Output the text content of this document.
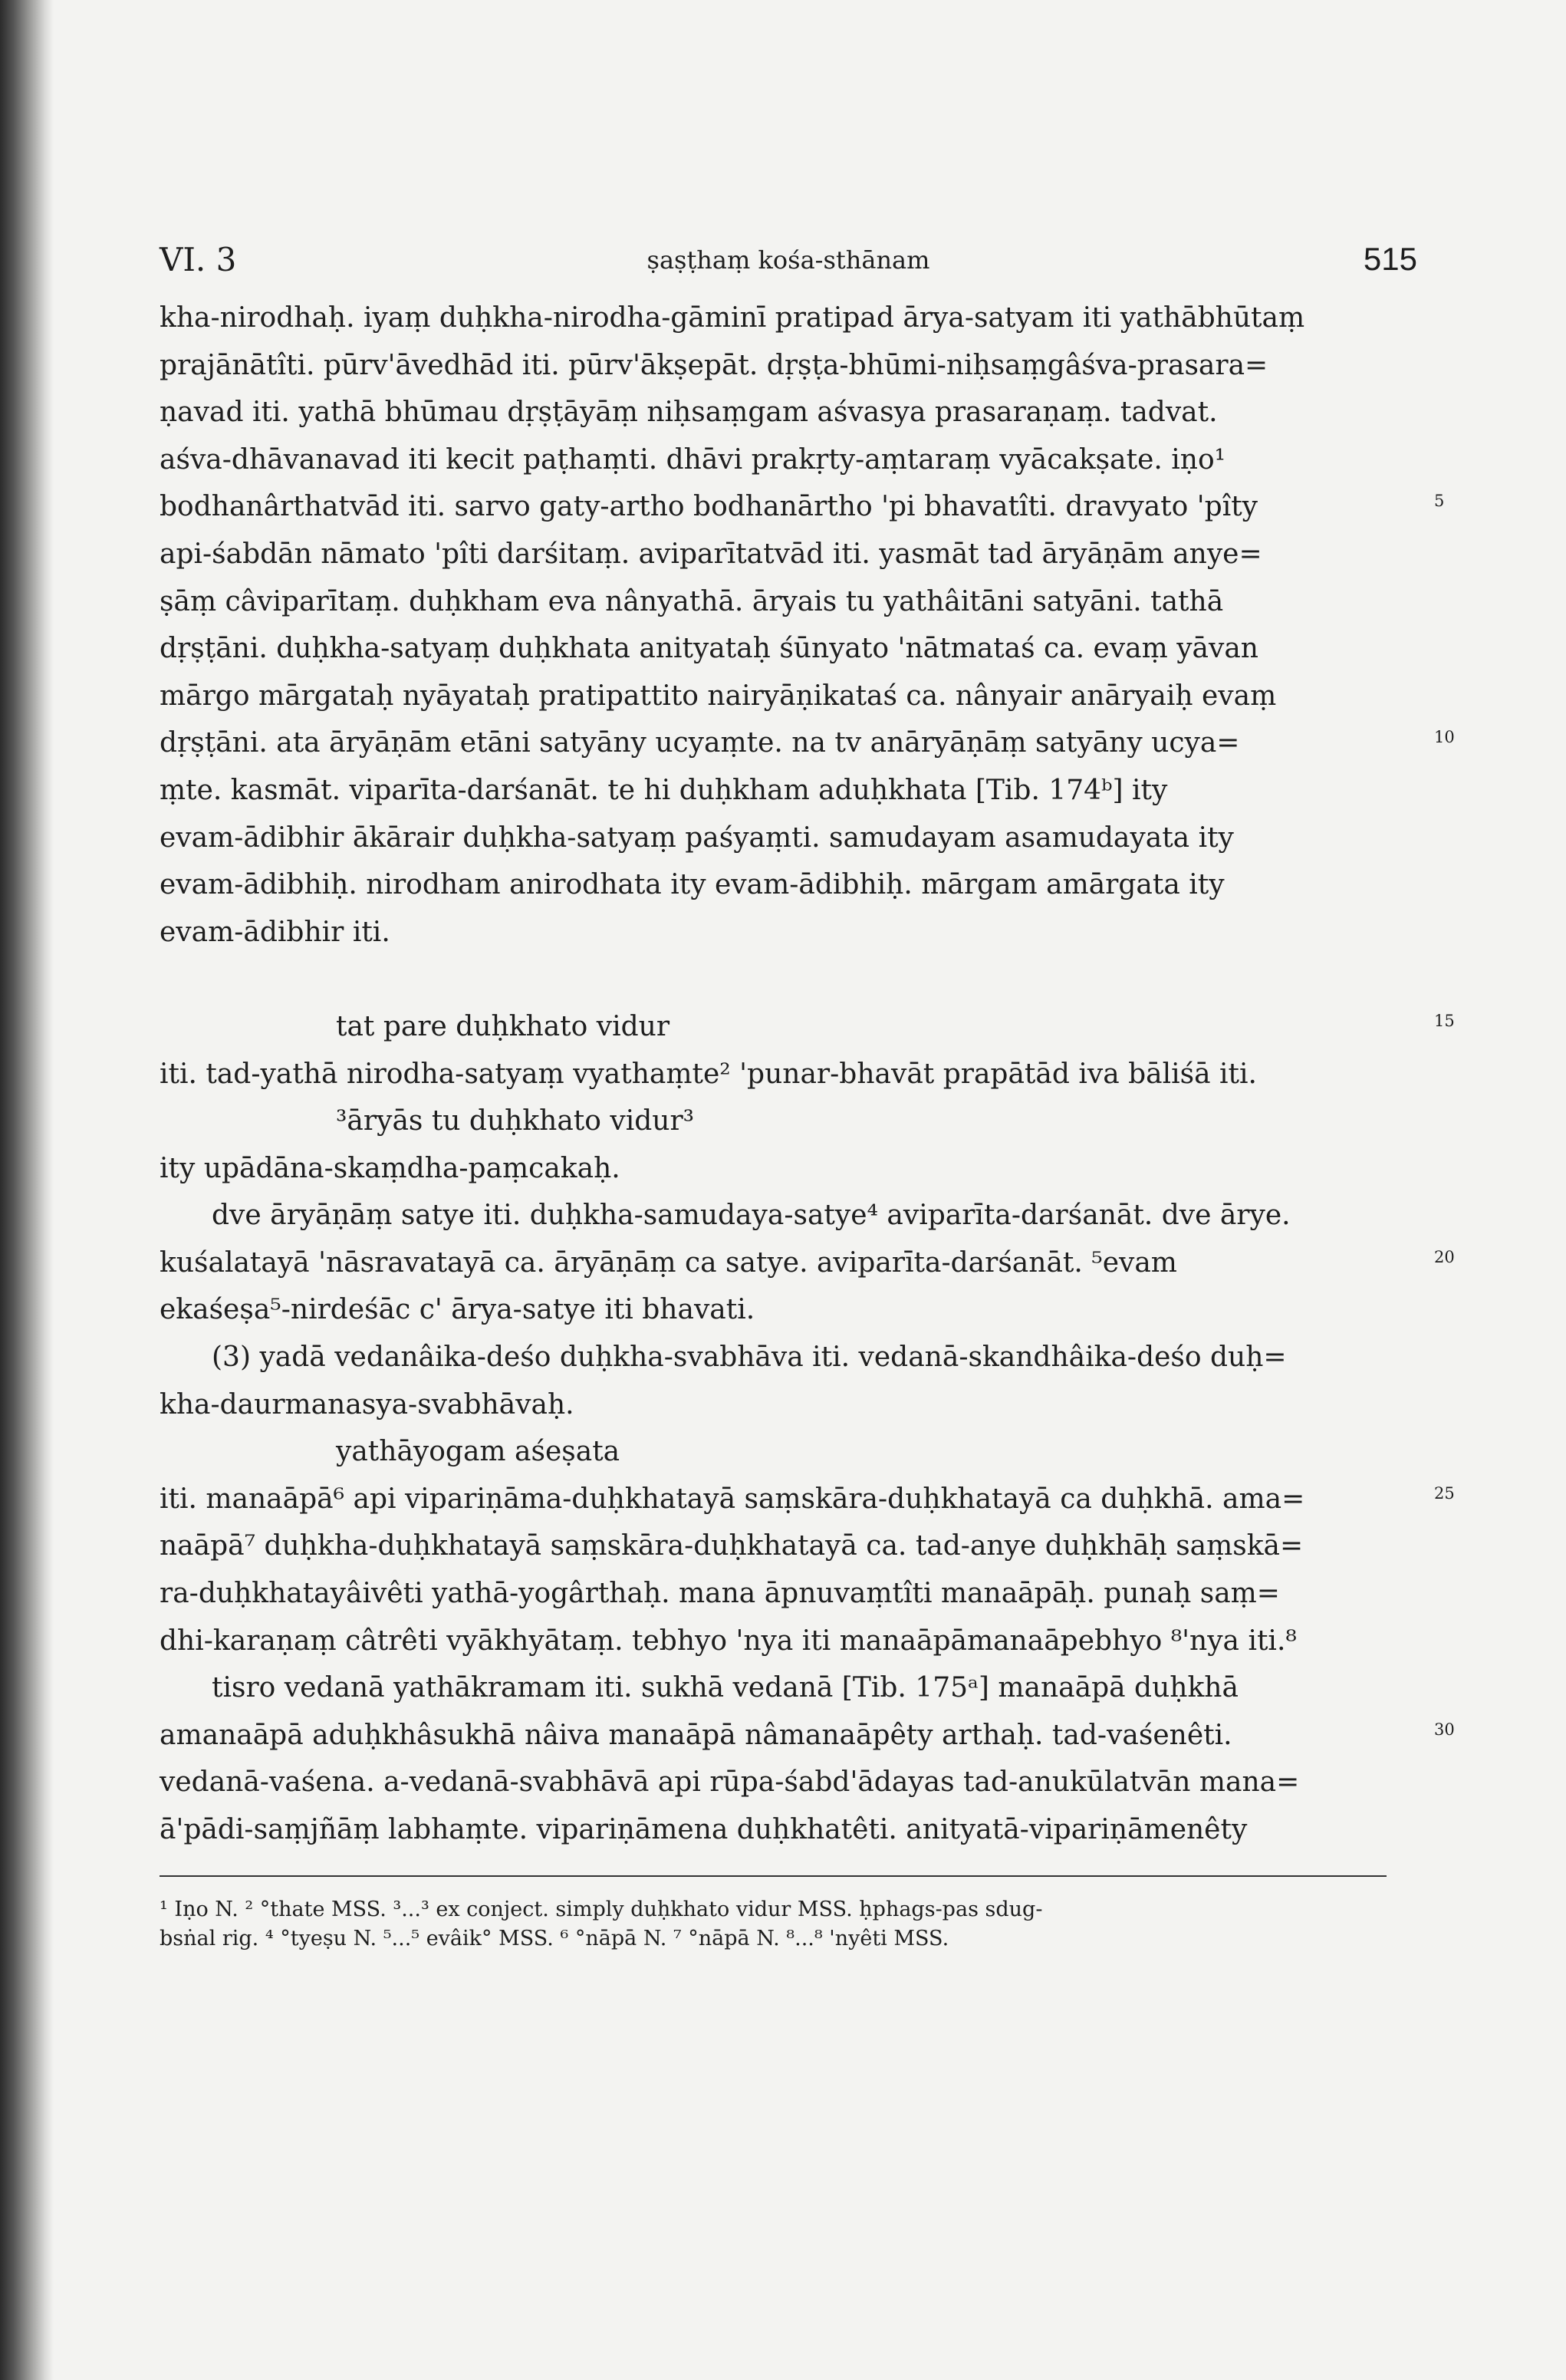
VI. 3	ṣaṣṭhaṃ kośa-sthānam	515
kha-nirodhaḥ. iyaṃ duḥkha-nirodha-gāminī pratipad ārya-satyam iti yathābhūtaṃ
prajānātîti. pūrv'āvedhād iti. pūrv'ākṣepāt. dṛṣṭa-bhūmi-niḥsaṃgâśva-prasara=
ṇavad iti. yathā bhūmau dṛṣṭāyāṃ niḥsaṃgam aśvasya prasaraṇaṃ. tadvat.
aśva-dhāvanavad iti kecit paṭhaṃti. dhāvi prakṛty-aṃtaraṃ vyācakṣate. iṇo¹
bodhanârthatvād iti. sarvo gaty-artho bodhanārtho 'pi bhavatîti. dravyato 'pîty	5
api-śabdān nāmato 'pîti darśitaṃ. aviparītatvād iti. yasmāt tad āryāṇām anye=
ṣāṃ câviparītaṃ. duḥkham eva nânyathā. āryais tu yathâitāni satyāni. tathā
dṛṣṭāni. duḥkha-satyaṃ duḥkhata anityataḥ śūnyato 'nātmataś ca. evaṃ yāvan
mārgo mārgataḥ nyāyataḥ pratipattito nairyāṇikataś ca. nânyair anāryaiḥ evaṃ
dṛṣṭāni. ata āryāṇām etāni satyāny ucyaṃte. na tv anāryāṇāṃ satyāny ucya=	10
ṃte. kasmāt. viparīta-darśanāt. te hi duḥkham aduḥkhata [Tib. 174ᵇ] ity
evam-ādibhir ākārair duḥkha-satyaṃ paśyaṃti. samudayam asamudayata ity
evam-ādibhiḥ. nirodham anirodhata ity evam-ādibhiḥ. mārgam amārgata ity
evam-ādibhir iti.
tat pare duḥkhato vidur	15
iti. tad-yathā nirodha-satyaṃ vyathaṃte² 'punar-bhavāt prapātād iva bāliśā iti.
³āryās tu duḥkhato vidur³
ity upādāna-skaṃdha-paṃcakaḥ.
dve āryāṇāṃ satye iti. duḥkha-samudaya-satye⁴ aviparīta-darśanāt. dve ārye.
kuśalatayā 'nāsravatayā ca. āryāṇāṃ ca satye. aviparīta-darśanāt. ⁵evam	20
ekaśeṣa⁵-nirdeśāc c' ārya-satye iti bhavati.
(3) yadā vedanâika-deśo duḥkha-svabhāva iti. vedanā-skandhâika-deśo duḥ=
kha-daurmanasya-svabhāvaḥ.
yathāyogam aśeṣata
iti. manaāpā⁶ api vipariṇāma-duḥkhatayā saṃskāra-duḥkhatayā ca duḥkhā. ama=	25
naāpā⁷ duḥkha-duḥkhatayā saṃskāra-duḥkhatayā ca. tad-anye duḥkhāḥ saṃskā=
ra-duḥkhatayâivêti yathā-yogârthaḥ. mana āpnuvaṃtîti manaāpāḥ. punaḥ saṃ=
dhi-karaṇaṃ câtrêti vyākhyātaṃ. tebhyo 'nya iti manaāpāmanaāpebhyo ⁸'nya iti.⁸
tisro vedanā yathākramam iti. sukhā vedanā [Tib. 175ᵃ] manaāpā duḥkhā
amanaāpā aduḥkhâsukhā nâiva manaāpā nâmanaāpêty arthaḥ. tad-vaśenêti.	30
vedanā-vaśena. a-vedanā-svabhāvā api rūpa-śabd'ādayas tad-anukūlatvān mana=
ā'pādi-saṃjñāṃ labhaṃte. vipariṇāmena duḥkhatêti. anityatā-vipariṇāmenêty
¹ Iṇo N. ² °thate MSS. ³...³ ex conject. simply duḥkhato vidur MSS. ḥphags-pas sdug-
bsṅal rig. ⁴ °tyeṣu N. ⁵...⁵ evâik° MSS. ⁶ °nāpā N. ⁷ °nāpā N. ⁸...⁸ 'nyêti MSS.
